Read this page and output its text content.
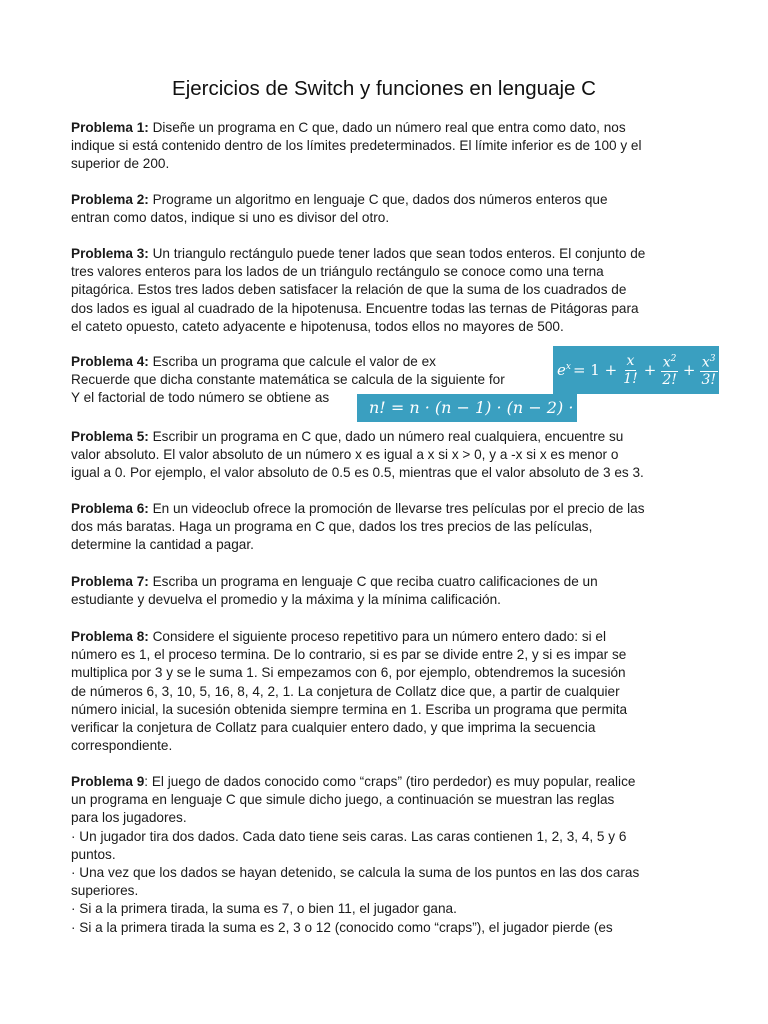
Ejercicios de Switch y funciones en lenguaje C
Problema 1: Diseñe un programa en C que, dado un número real que entra como dato, nos
indique si está contenido dentro de los límites predeterminados. El límite inferior es de 100 y el
superior de 200.
Problema 2: Programe un algoritmo en lenguaje C que, dados dos números enteros que
entran como datos, indique si uno es divisor del otro.
Problema 3: Un triangulo rectángulo puede tener lados que sean todos enteros. El conjunto de
tres valores enteros para los lados de un triángulo rectángulo se conoce como una terna
pitagórica. Estos tres lados deben satisfacer la relación de que la suma de los cuadrados de
dos lados es igual al cuadrado de la hipotenusa. Encuentre todas las ternas de Pitágoras para
el cateto opuesto, cateto adyacente e hipotenusa, todos ellos no mayores de 500.
Problema 4: Escriba un programa que calcule el valor de ex
Recuerde que dicha constante matemática se calcula de la siguiente for
Y el factorial de todo número se obtiene as
$e^x = 1 + \frac{x}{1!} + \frac{x^2}{2!} + \frac{x^3}{3!}$ + ⋯
n! = n · (n − 1) · (n − 2) · (n − 3) ⋯ 1
Problema 5: Escribir un programa en C que, dado un número real cualquiera, encuentre su
valor absoluto. El valor absoluto de un número x es igual a x si x > 0, y a -x si x es menor o
igual a 0. Por ejemplo, el valor absoluto de 0.5 es 0.5, mientras que el valor absoluto de 3 es 3.
Problema 6: En un videoclub ofrece la promoción de llevarse tres películas por el precio de las
dos más baratas. Haga un programa en C que, dados los tres precios de las películas,
determine la cantidad a pagar.
Problema 7: Escriba un programa en lenguaje C que reciba cuatro calificaciones de un
estudiante y devuelva el promedio y la máxima y la mínima calificación.
Problema 8: Considere el siguiente proceso repetitivo para un número entero dado: si el
número es 1, el proceso termina. De lo contrario, si es par se divide entre 2, y si es impar se
multiplica por 3 y se le suma 1. Si empezamos con 6, por ejemplo, obtendremos la sucesión
de números 6, 3, 10, 5, 16, 8, 4, 2, 1. La conjetura de Collatz dice que, a partir de cualquier
número inicial, la sucesión obtenida siempre termina en 1. Escriba un programa que permita
verificar la conjetura de Collatz para cualquier entero dado, y que imprima la secuencia
correspondiente.
Problema 9: El juego de dados conocido como “craps” (tiro perdedor) es muy popular, realice
un programa en lenguaje C que simule dicho juego, a continuación se muestran las reglas
para los jugadores.
· Un jugador tira dos dados. Cada dato tiene seis caras. Las caras contienen 1, 2, 3, 4, 5 y 6
puntos.
· Una vez que los dados se hayan detenido, se calcula la suma de los puntos en las dos caras
superiores.
· Si a la primera tirada, la suma es 7, o bien 11, el jugador gana.
· Si a la primera tirada la suma es 2, 3 o 12 (conocido como “craps”), el jugador pierde (es
